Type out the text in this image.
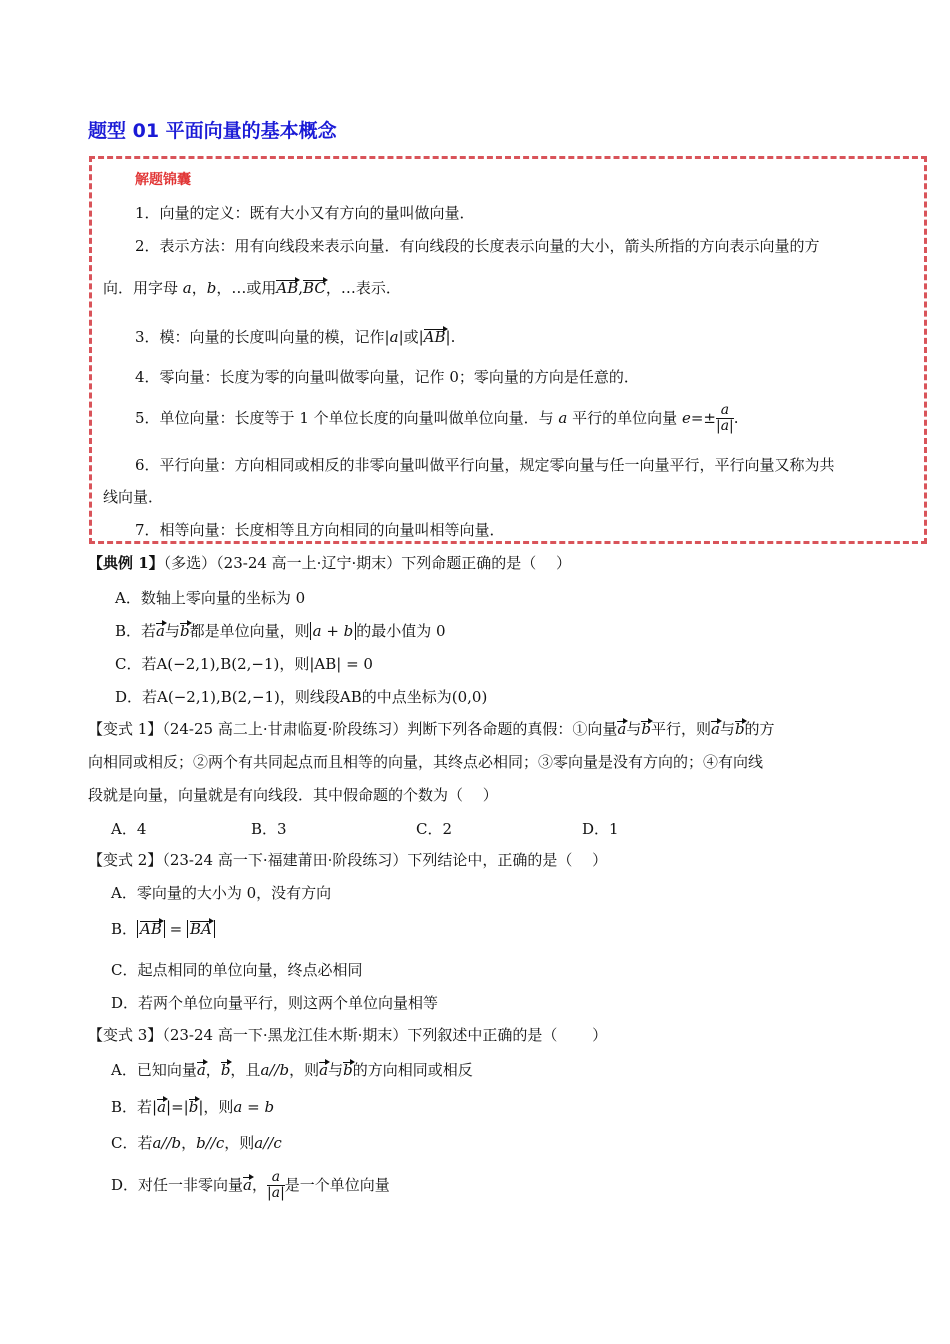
题型 01 平面向量的基本概念
解题锦囊
1．向量的定义：既有大小又有方向的量叫做向量．
2．表示方法：用有向线段来表示向量．有向线段的长度表示向量的大小，箭头所指的方向表示向量的方
向．用字母 a，b，…或用AB,BC，…表示．
3．模：向量的长度叫向量的模，记作|a|或|AB|.
4．零向量：长度为零的向量叫做零向量，记作 0；零向量的方向是任意的．
5．单位向量：长度等于 1 个单位长度的向量叫做单位向量．与 a 平行的单位向量 $e=\pm \frac{a}{|a|}$ .
6．平行向量：方向相同或相反的非零向量叫做平行向量，规定零向量与任一向量平行，平行向量又称为共
线向量．
7．相等向量：长度相等且方向相同的向量叫相等向量．
【典例 1】（多选）（23-24 高一上·辽宁·期末）下列命题正确的是（　 ）
A．数轴上零向量的坐标为 0
B．若a与b都是单位向量，则 a + b 的最小值为 0
C．若A(−2,1),B(2,−1)，则|AB| = 0
D．若A(−2,1),B(2,−1)，则线段AB的中点坐标为(0,0)
【变式 1】（24-25 高二上·甘肃临夏·阶段练习）判断下列各命题的真假：①向量a与b平行，则a与b的方
向相同或相反；②两个有共同起点而且相等的向量，其终点必相同；③零向量是没有方向的；④有向线
段就是向量，向量就是有向线段．其中假命题的个数为（　 ）
A．4	B．3	C．2	D．1
【变式 2】（23-24 高一下·福建莆田·阶段练习）下列结论中，正确的是（　 ）
A．零向量的大小为 0，没有方向
B． AB = BA
C．起点相同的单位向量，终点必相同
D．若两个单位向量平行，则这两个单位向量相等
【变式 3】（23-24 高一下·黑龙江佳木斯·期末）下列叙述中正确的是（　　 ）
A．已知向量a，b，且a//b，则a与b的方向相同或相反
B．若|a|=|b|，则a = b
C．若a//b，b//c，则a//c
D．对任一非零向量a， $\frac{a}{|a|}$ 是一个单位向量
